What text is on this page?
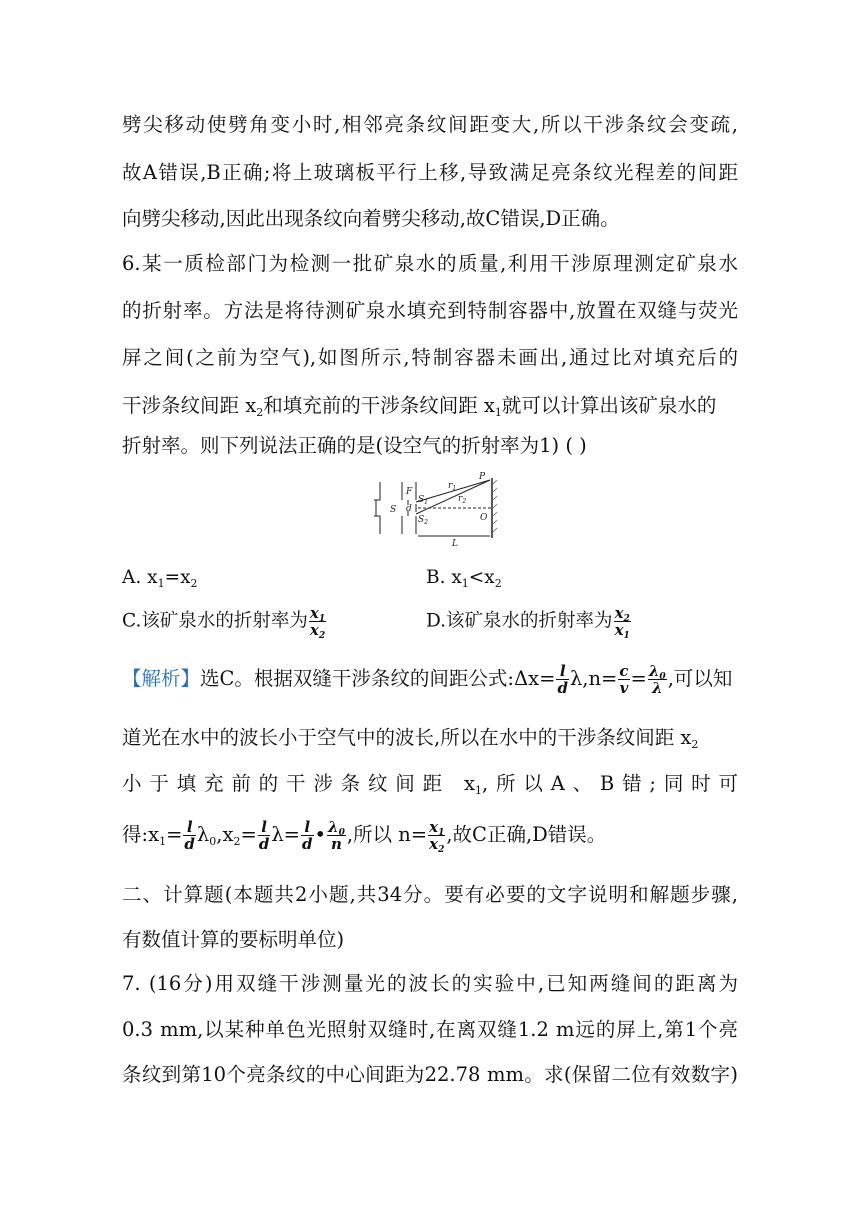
劈尖移动使劈角变小时,相邻亮条纹间距变大,所以干涉条纹会变疏,
故A错误,B正确;将上玻璃板平行上移,导致满足亮条纹光程差的间距
向劈尖移动,因此出现条纹向着劈尖移动,故C错误,D正确。
6.某一质检部门为检测一批矿泉水的质量,利用干涉原理测定矿泉水
的折射率。方法是将待测矿泉水填充到特制容器中,放置在双缝与荧光
屏之间(之前为空气),如图所示,特制容器未画出,通过比对填充后的
干涉条纹间距 $x_2$和填充前的干涉条纹间距 $x_1$就可以计算出该矿泉水的
折射率。则下列说法正确的是(设空气的折射率为1) ( )
S
F
d
$S_1$
$S_2$
P
O
$r_1$
$r_2$
L
A. $x_1=x_2$	B. $x_1<x_2$
C.该矿泉水的折射率为 $\frac{x_1}{x_2}$	D.该矿泉水的折射率为 $\frac{x_2}{x_1}$
【解析】选C。根据双缝干涉条纹的间距公式:Δx= $\frac{l}{d} \lambda,n= \frac{c}{v} = \frac{\lambda_0}{\lambda}$ ,可以知
道光在水中的波长小于空气中的波长,所以在水中的干涉条纹间距 $x_2$
小于填充前的干涉条纹间距 $x_1$,所以A、B错;同时可
得$:x_1= \frac{l}{d} \lambda_0,x_2= \frac{l}{d} \lambda= \frac{l}{d}$ • $\frac{\lambda_0}{n}$ ,所以 $n= \frac{x_1}{x_2}$ ,故C正确,D错误。
二、计算题(本题共2小题,共34分。要有必要的文字说明和解题步骤,
有数值计算的要标明单位)
7. (16分)用双缝干涉测量光的波长的实验中,已知两缝间的距离为
0.3 mm,以某种单色光照射双缝时,在离双缝1.2 m远的屏上,第1个亮
条纹到第10个亮条纹的中心间距为22.78 mm。求(保留二位有效数字)
